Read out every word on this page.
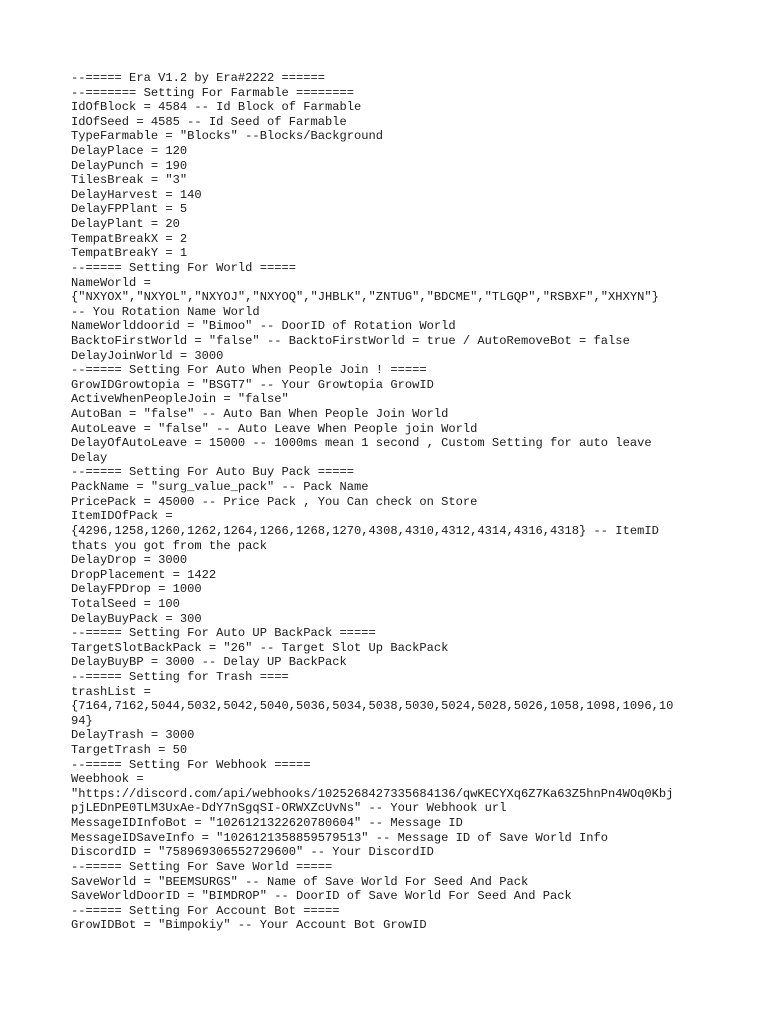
--===== Era V1.2 by Era#2222 ======
--======= Setting For Farmable ========
IdOfBlock = 4584 -- Id Block of Farmable
IdOfSeed = 4585 -- Id Seed of Farmable
TypeFarmable = "Blocks" --Blocks/Background
DelayPlace = 120
DelayPunch = 190
TilesBreak = "3"
DelayHarvest = 140
DelayFPPlant = 5
DelayPlant = 20
TempatBreakX = 2
TempatBreakY = 1
--===== Setting For World =====
NameWorld =
{"NXYOX","NXYOL","NXYOJ","NXYOQ","JHBLK","ZNTUG","BDCME","TLGQP","RSBXF","XHXYN"}
-- You Rotation Name World
NameWorlddoorid = "Bimoo" -- DoorID of Rotation World
BacktoFirstWorld = "false" -- BacktoFirstWorld = true / AutoRemoveBot = false
DelayJoinWorld = 3000
--===== Setting For Auto When People Join ! =====
GrowIDGrowtopia = "BSGT7" -- Your Growtopia GrowID
ActiveWhenPeopleJoin = "false"
AutoBan = "false" -- Auto Ban When People Join World
AutoLeave = "false" -- Auto Leave When People join World
DelayOfAutoLeave = 15000 -- 1000ms mean 1 second , Custom Setting for auto leave
Delay
--===== Setting For Auto Buy Pack =====
PackName = "surg_value_pack" -- Pack Name
PricePack = 45000 -- Price Pack , You Can check on Store
ItemIDOfPack =
{4296,1258,1260,1262,1264,1266,1268,1270,4308,4310,4312,4314,4316,4318} -- ItemID
thats you got from the pack
DelayDrop = 3000
DropPlacement = 1422
DelayFPDrop = 1000
TotalSeed = 100
DelayBuyPack = 300
--===== Setting For Auto UP BackPack =====
TargetSlotBackPack = "26" -- Target Slot Up BackPack
DelayBuyBP = 3000 -- Delay UP BackPack
--===== Setting for Trash ====
trashList =
{7164,7162,5044,5032,5042,5040,5036,5034,5038,5030,5024,5028,5026,1058,1098,1096,10
94}
DelayTrash = 3000
TargetTrash = 50
--===== Setting For Webhook =====
Weebhook =
"https://discord.com/api/webhooks/1025268427335684136/qwKECYXq6Z7Ka63Z5hnPn4WOq0Kbj
pjLEDnPE0TLM3UxAe-DdY7nSgqSI-ORWXZcUvNs" -- Your Webhook url
MessageIDInfoBot = "1026121322620780604" -- Message ID
MessageIDSaveInfo = "1026121358859579513" -- Message ID of Save World Info
DiscordID = "758969306552729600" -- Your DiscordID
--===== Setting For Save World =====
SaveWorld = "BEEMSURGS" -- Name of Save World For Seed And Pack
SaveWorldDoorID = "BIMDROP" -- DoorID of Save World For Seed And Pack
--===== Setting For Account Bot =====
GrowIDBot = "Bimpokiy" -- Your Account Bot GrowID
